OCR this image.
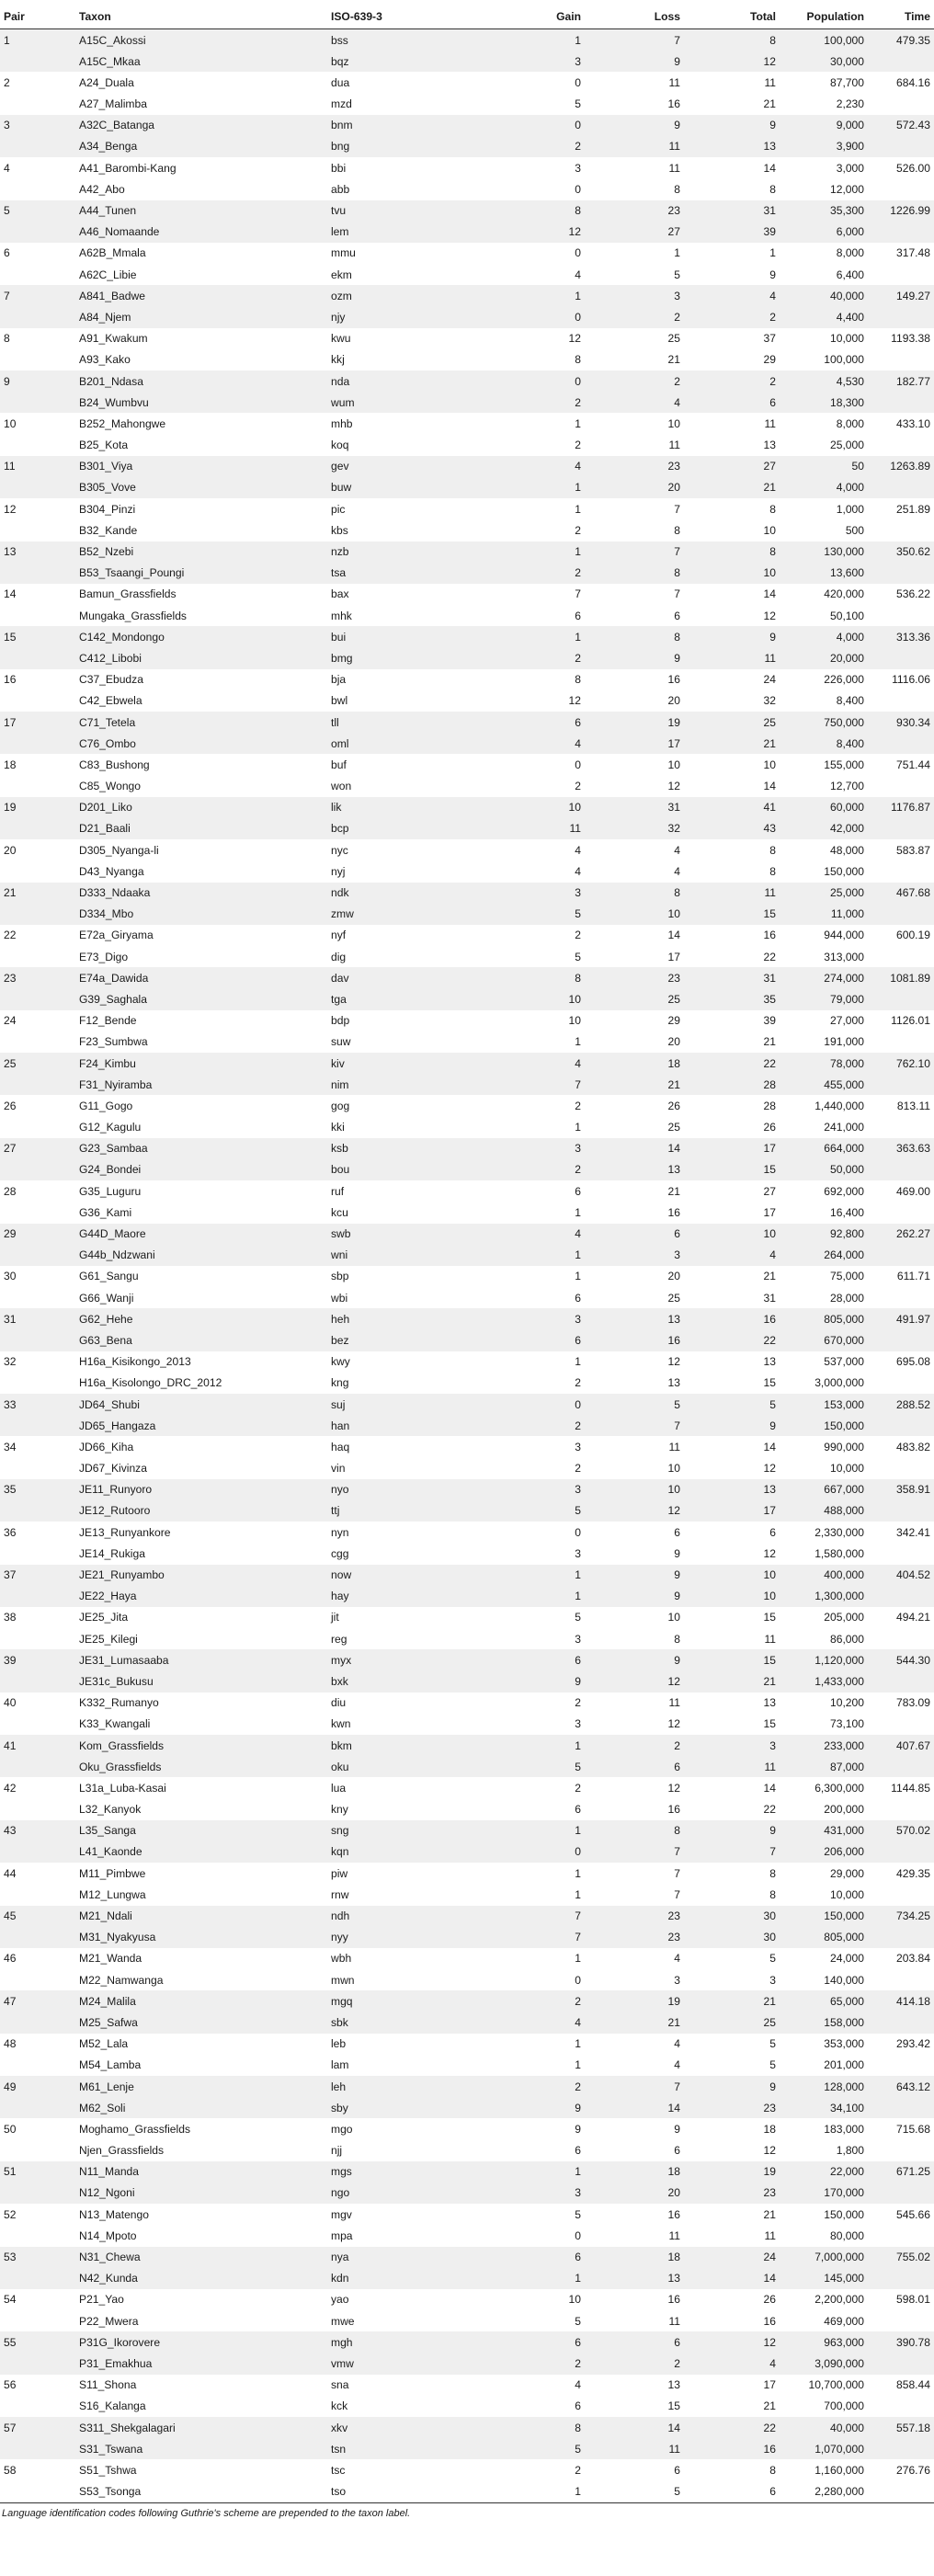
Pair	Taxon	ISO-639-3	Gain	Loss	Total	Population	Time
1	A15C_Akossi	bss	1	7	8	100,000	479.35
	A15C_Mkaa	bqz	3	9	12	30,000	
2	A24_Duala	dua	0	11	11	87,700	684.16
	A27_Malimba	mzd	5	16	21	2,230	
3	A32C_Batanga	bnm	0	9	9	9,000	572.43
	A34_Benga	bng	2	11	13	3,900	
4	A41_Barombi-Kang	bbi	3	11	14	3,000	526.00
	A42_Abo	abb	0	8	8	12,000	
5	A44_Tunen	tvu	8	23	31	35,300	1226.99
	A46_Nomaande	lem	12	27	39	6,000	
6	A62B_Mmala	mmu	0	1	1	8,000	317.48
	A62C_Libie	ekm	4	5	9	6,400	
7	A841_Badwe	ozm	1	3	4	40,000	149.27
	A84_Njem	njy	0	2	2	4,400	
8	A91_Kwakum	kwu	12	25	37	10,000	1193.38
	A93_Kako	kkj	8	21	29	100,000	
9	B201_Ndasa	nda	0	2	2	4,530	182.77
	B24_Wumbvu	wum	2	4	6	18,300	
10	B252_Mahongwe	mhb	1	10	11	8,000	433.10
	B25_Kota	koq	2	11	13	25,000	
11	B301_Viya	gev	4	23	27	50	1263.89
	B305_Vove	buw	1	20	21	4,000	
12	B304_Pinzi	pic	1	7	8	1,000	251.89
	B32_Kande	kbs	2	8	10	500	
13	B52_Nzebi	nzb	1	7	8	130,000	350.62
	B53_Tsaangi_Poungi	tsa	2	8	10	13,600	
14	Bamun_Grassfields	bax	7	7	14	420,000	536.22
	Mungaka_Grassfields	mhk	6	6	12	50,100	
15	C142_Mondongo	bui	1	8	9	4,000	313.36
	C412_Libobi	bmg	2	9	11	20,000	
16	C37_Ebudza	bja	8	16	24	226,000	1116.06
	C42_Ebwela	bwl	12	20	32	8,400	
17	C71_Tetela	tll	6	19	25	750,000	930.34
	C76_Ombo	oml	4	17	21	8,400	
18	C83_Bushong	buf	0	10	10	155,000	751.44
	C85_Wongo	won	2	12	14	12,700	
19	D201_Liko	lik	10	31	41	60,000	1176.87
	D21_Baali	bcp	11	32	43	42,000	
20	D305_Nyanga-li	nyc	4	4	8	48,000	583.87
	D43_Nyanga	nyj	4	4	8	150,000	
21	D333_Ndaaka	ndk	3	8	11	25,000	467.68
	D334_Mbo	zmw	5	10	15	11,000	
22	E72a_Giryama	nyf	2	14	16	944,000	600.19
	E73_Digo	dig	5	17	22	313,000	
23	E74a_Dawida	dav	8	23	31	274,000	1081.89
	G39_Saghala	tga	10	25	35	79,000	
24	F12_Bende	bdp	10	29	39	27,000	1126.01
	F23_Sumbwa	suw	1	20	21	191,000	
25	F24_Kimbu	kiv	4	18	22	78,000	762.10
	F31_Nyiramba	nim	7	21	28	455,000	
26	G11_Gogo	gog	2	26	28	1,440,000	813.11
	G12_Kagulu	kki	1	25	26	241,000	
27	G23_Sambaa	ksb	3	14	17	664,000	363.63
	G24_Bondei	bou	2	13	15	50,000	
28	G35_Luguru	ruf	6	21	27	692,000	469.00
	G36_Kami	kcu	1	16	17	16,400	
29	G44D_Maore	swb	4	6	10	92,800	262.27
	G44b_Ndzwani	wni	1	3	4	264,000	
30	G61_Sangu	sbp	1	20	21	75,000	611.71
	G66_Wanji	wbi	6	25	31	28,000	
31	G62_Hehe	heh	3	13	16	805,000	491.97
	G63_Bena	bez	6	16	22	670,000	
32	H16a_Kisikongo_2013	kwy	1	12	13	537,000	695.08
	H16a_Kisolongo_DRC_2012	kng	2	13	15	3,000,000	
33	JD64_Shubi	suj	0	5	5	153,000	288.52
	JD65_Hangaza	han	2	7	9	150,000	
34	JD66_Kiha	haq	3	11	14	990,000	483.82
	JD67_Kivinza	vin	2	10	12	10,000	
35	JE11_Runyoro	nyo	3	10	13	667,000	358.91
	JE12_Rutooro	ttj	5	12	17	488,000	
36	JE13_Runyankore	nyn	0	6	6	2,330,000	342.41
	JE14_Rukiga	cgg	3	9	12	1,580,000	
37	JE21_Runyambo	now	1	9	10	400,000	404.52
	JE22_Haya	hay	1	9	10	1,300,000	
38	JE25_Jita	jit	5	10	15	205,000	494.21
	JE25_Kilegi	reg	3	8	11	86,000	
39	JE31_Lumasaaba	myx	6	9	15	1,120,000	544.30
	JE31c_Bukusu	bxk	9	12	21	1,433,000	
40	K332_Rumanyo	diu	2	11	13	10,200	783.09
	K33_Kwangali	kwn	3	12	15	73,100	
41	Kom_Grassfields	bkm	1	2	3	233,000	407.67
	Oku_Grassfields	oku	5	6	11	87,000	
42	L31a_Luba-Kasai	lua	2	12	14	6,300,000	1144.85
	L32_Kanyok	kny	6	16	22	200,000	
43	L35_Sanga	sng	1	8	9	431,000	570.02
	L41_Kaonde	kqn	0	7	7	206,000	
44	M11_Pimbwe	piw	1	7	8	29,000	429.35
	M12_Lungwa	rnw	1	7	8	10,000	
45	M21_Ndali	ndh	7	23	30	150,000	734.25
	M31_Nyakyusa	nyy	7	23	30	805,000	
46	M21_Wanda	wbh	1	4	5	24,000	203.84
	M22_Namwanga	mwn	0	3	3	140,000	
47	M24_Malila	mgq	2	19	21	65,000	414.18
	M25_Safwa	sbk	4	21	25	158,000	
48	M52_Lala	leb	1	4	5	353,000	293.42
	M54_Lamba	lam	1	4	5	201,000	
49	M61_Lenje	leh	2	7	9	128,000	643.12
	M62_Soli	sby	9	14	23	34,100	
50	Moghamo_Grassfields	mgo	9	9	18	183,000	715.68
	Njen_Grassfields	njj	6	6	12	1,800	
51	N11_Manda	mgs	1	18	19	22,000	671.25
	N12_Ngoni	ngo	3	20	23	170,000	
52	N13_Matengo	mgv	5	16	21	150,000	545.66
	N14_Mpoto	mpa	0	11	11	80,000	
53	N31_Chewa	nya	6	18	24	7,000,000	755.02
	N42_Kunda	kdn	1	13	14	145,000	
54	P21_Yao	yao	10	16	26	2,200,000	598.01
	P22_Mwera	mwe	5	11	16	469,000	
55	P31G_Ikorovere	mgh	6	6	12	963,000	390.78
	P31_Emakhua	vmw	2	2	4	3,090,000	
56	S11_Shona	sna	4	13	17	10,700,000	858.44
	S16_Kalanga	kck	6	15	21	700,000	
57	S311_Shekgalagari	xkv	8	14	22	40,000	557.18
	S31_Tswana	tsn	5	11	16	1,070,000	
58	S51_Tshwa	tsc	2	6	8	1,160,000	276.76
	S53_Tsonga	tso	1	5	6	2,280,000	
Language identification codes following Guthrie's scheme are prepended to the taxon label.
